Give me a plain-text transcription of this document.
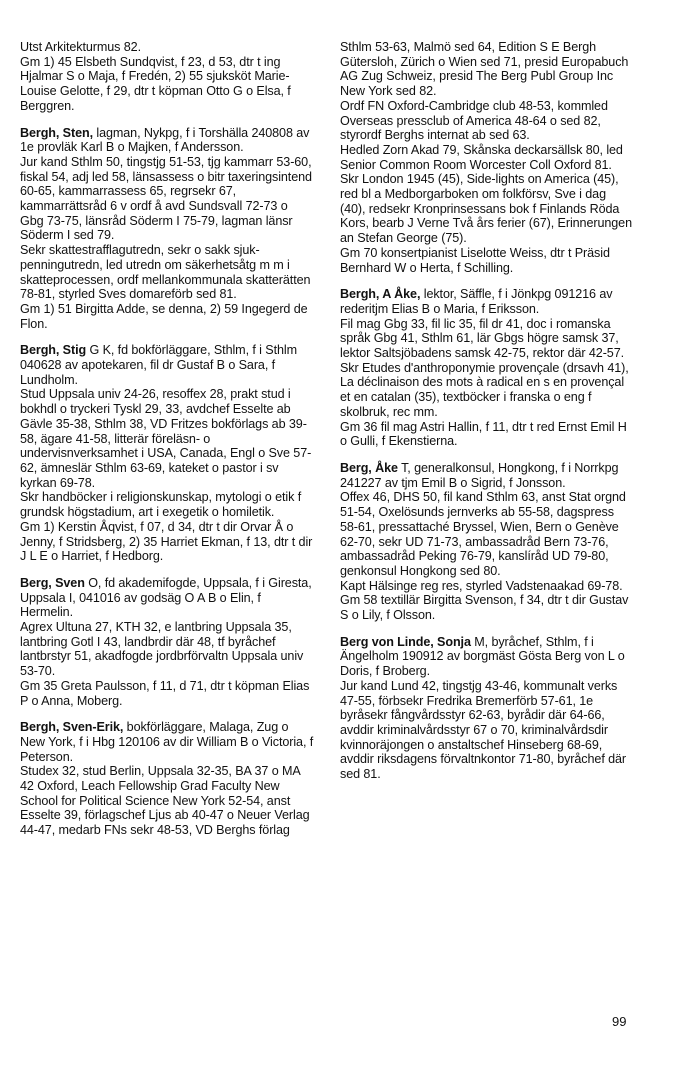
Utst Arkitekturmus 82.

Gm 1) 45 Elsbeth Sundqvist, f 23, d 53, dtr t ing Hjalmar S o Maja, f Fredén, 2) 55 sjuksköt Marie-Louise Gelotte, f 29, dtr t köpman Otto G o Elsa, f Berggren.

Bergh, Sten, lagman, Nykpg, f i Torshälla 240808 av 1e provläk Karl B o Majken, f Andersson.

Jur kand Sthlm 50, tingstjg 51-53, tjg kammarr 53-60, fiskal 54, adj led 58, länsassess o bitr taxeringsintend 60-65, kammarrassess 65, regrsekr 67, kammarrättsråd 6 v ordf å avd Sundsvall 72-73 o Gbg 73-75, länsråd Söderm I 75-79, lagman länsr Söderm I sed 79.

Sekr skattestrafflagutredn, sekr o sakk sjukpenningutredn, led utredn om säkerhetsåtg m m i skatteprocessen, ordf mellankommunala skatterätten 78-81, styrled Sves domareförb sed 81.

Gm 1) 51 Birgitta Adde, se denna, 2) 59 Ingegerd de Flon.

Bergh, Stig G K, fd bokförläggare, Sthlm, f i Sthlm 040628 av apotekaren, fil dr Gustaf B o Sara, f Lundholm.

Stud Uppsala univ 24-26, resoffex 28, prakt stud i bokhdl o tryckeri Tyskl 29, 33, avdchef Esselte ab Gävle 35-38, Sthlm 38, VD Fritzes bokförlags ab 39-58, ägare 41-58, litterär föreläsn- o undervisnverksamhet i USA, Canada, Engl o Sve 57-62, ämneslär Sthlm 63-69, kateket o pastor i sv kyrkan 69-78.

Skr handböcker i religionskunskap, mytologi o etik f grundsk högstadium, art i exegetik o homiletik.

Gm 1) Kerstin Åqvist, f 07, d 34, dtr t dir Orvar Å o Jenny, f Stridsberg, 2) 35 Harriet Ekman, f 13, dtr t dir J L E o Harriet, f Hedborg.

Berg, Sven O, fd akademifogde, Uppsala, f i Giresta, Uppsala I, 041016 av godsäg O A B o Elin, f Hermelin.

Agrex Ultuna 27, KTH 32, e lantbring Uppsala 35, lantbring Gotl I 43, landbrdir där 48, tf byråchef lantbrstyr 51, akadfogde jordbrförvaltn Uppsala univ 53-70.

Gm 35 Greta Paulsson, f 11, d 71, dtr t köpman Elias P o Anna, Moberg.

Bergh, Sven-Erik, bokförläggare, Malaga, Zug o New York, f i Hbg 120106 av dir William B o Victoria, f Peterson.

Studex 32, stud Berlin, Uppsala 32-35, BA 37 o MA 42 Oxford, Leach Fellowship Grad Faculty New School for Political Science New York 52-54, anst Esselte 39, förlagschef Ljus ab 40-47 o Neuer Verlag 44-47, medarb FNs sekr 48-53, VD Berghs förlag

Sthlm 53-63, Malmö sed 64, Edition S E Bergh Gütersloh, Zürich o Wien sed 71, presid Europabuch AG Zug Schweiz, presid The Berg Publ Group Inc New York sed 82.

Ordf FN Oxford-Cambridge club 48-53, kommled Overseas pressclub of America 48-64 o sed 82, styrordf Berghs internat ab sed 63.

Hedled Zorn Akad 79, Skånska deckarsällsk 80, led Senior Common Room Worcester Coll Oxford 81.

Skr London 1945 (45), Side-lights on America (45), red bl a Medborgarboken om folkförsv, Sve i dag (40), redsekr Kronprinsessans bok f Finlands Röda Kors, bearb J Verne Två års ferier (67), Erinnerungen an Stefan George (75).

Gm 70 konsertpianist Liselotte Weiss, dtr t Präsid Bernhard W o Herta, f Schilling.

Bergh, A Åke, lektor, Säffle, f i Jönkpg 091216 av rederitjm Elias B o Maria, f Eriksson.

Fil mag Gbg 33, fil lic 35, fil dr 41, doc i romanska språk Gbg 41, Sthlm 61, lär Gbgs högre samsk 37, lektor Saltsjöbadens samsk 42-75, rektor där 42-57.

Skr Etudes d'anthroponymie provençale (drsavh 41), La déclinaison des mots à radical en s en provençal et en catalan (35), textböcker i franska o eng f skolbruk, rec mm.

Gm 36 fil mag Astri Hallin, f 11, dtr t red Ernst Emil H o Gulli, f Ekenstierna.

Berg, Åke T, generalkonsul, Hongkong, f i Norrkpg 241227 av tjm Emil B o Sigrid, f Jonsson.

Offex 46, DHS 50, fil kand Sthlm 63, anst Stat orgnd 51-54, Oxelösunds jernverks ab 55-58, dagspress 58-61, pressattaché Bryssel, Wien, Bern o Genève 62-70, sekr UD 71-73, ambassadråd Bern 73-76, ambassadråd Peking 76-79, kanslíråd UD 79-80, genkonsul Hongkong sed 80.

Kapt Hälsinge reg res, styrled Vadstenaakad 69-78.

Gm 58 textillär Birgitta Svenson, f 34, dtr t dir Gustav S o Lily, f Olsson.

Berg von Linde, Sonja M, byråchef, Sthlm, f i Ängelholm 190912 av borgmäst Gösta Berg von L o Doris, f Broberg.

Jur kand Lund 42, tingstjg 43-46, kommunalt verks 47-55, förbsekr Fredrika Bremerförb 57-61, 1e byråsekr fångvårdsstyr 62-63, byrådir där 64-66, avddir kriminalvårdsstyr 67 o 70, kriminalvårdsdir kvinnoräjongen o anstaltschef Hinseberg 68-69, avddir riksdagens förvaltnkontor 71-80, byråchef där sed 81.

99
